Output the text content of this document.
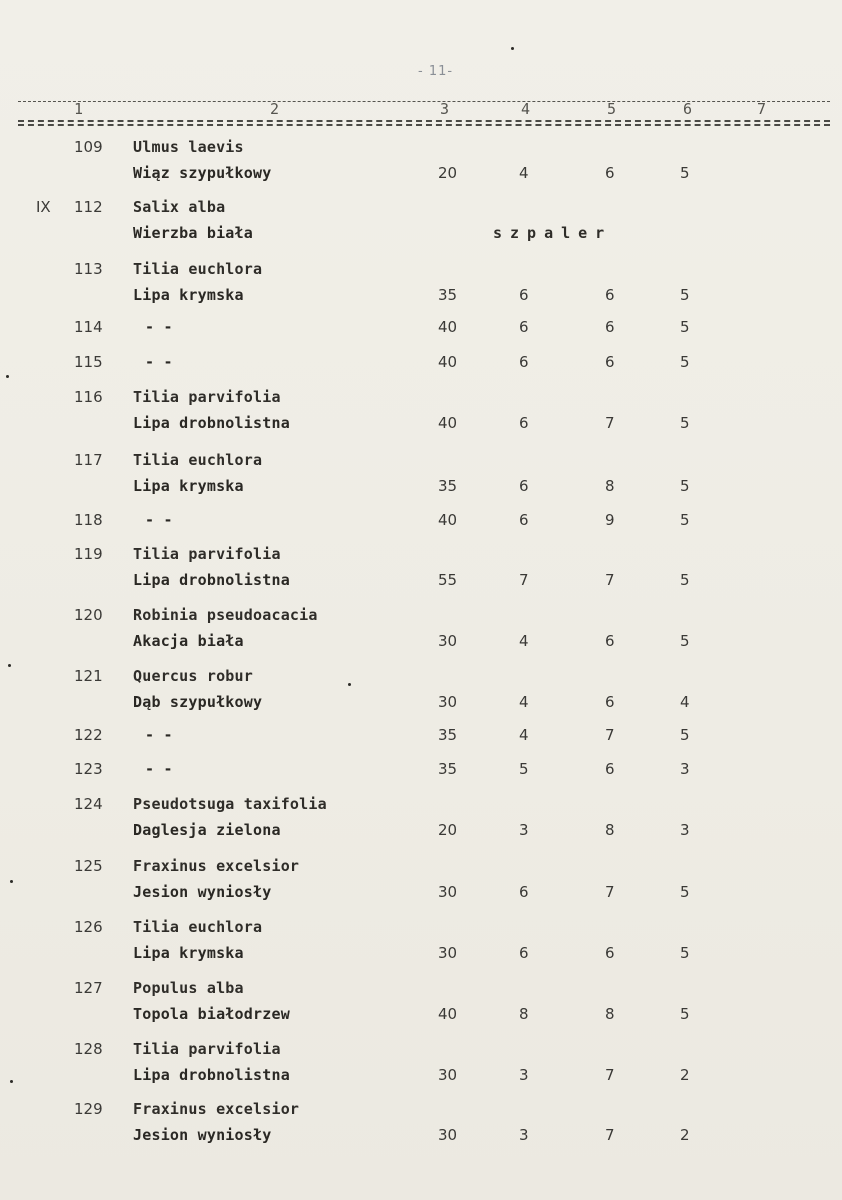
- 11-
1	2	3	4	5	6	7
109 Ulmus laevis
Wiąz szypułkowy	20	4	6	5
IX 112 Salix alba
Wierzba biała	szpaler
113 Tilia euchlora
Lipa krymska	35	6	6	5
114	- -	40	6	6	5
115	- -	40	6	6	5
116 Tilia parvifolia
Lipa drobnolistna	40	6	7	5
117 Tilia euchlora
Lipa krymska	35	6	8	5
118	- -	40	6	9	5
119 Tilia parvifolia
Lipa drobnolistna	55	7	7	5
120 Robinia pseudoacacia
Akacja biała	30	4	6	5
121 Quercus robur
Dąb szypułkowy	30	4	6	4
122	- -	35	4	7	5
123	- -	35	5	6	3
124 Pseudotsuga taxifolia
Daglesja zielona	20	3	8	3
125 Fraxinus excelsior
Jesion wyniosły	30	6	7	5
126 Tilia euchlora
Lipa krymska	30	6	6	5
127 Populus alba
Topola białodrzew	40	8	8	5
128 Tilia parvifolia
Lipa drobnolistna	30	3	7	2
129 Fraxinus excelsior
Jesion wyniosły	30	3	7	2
